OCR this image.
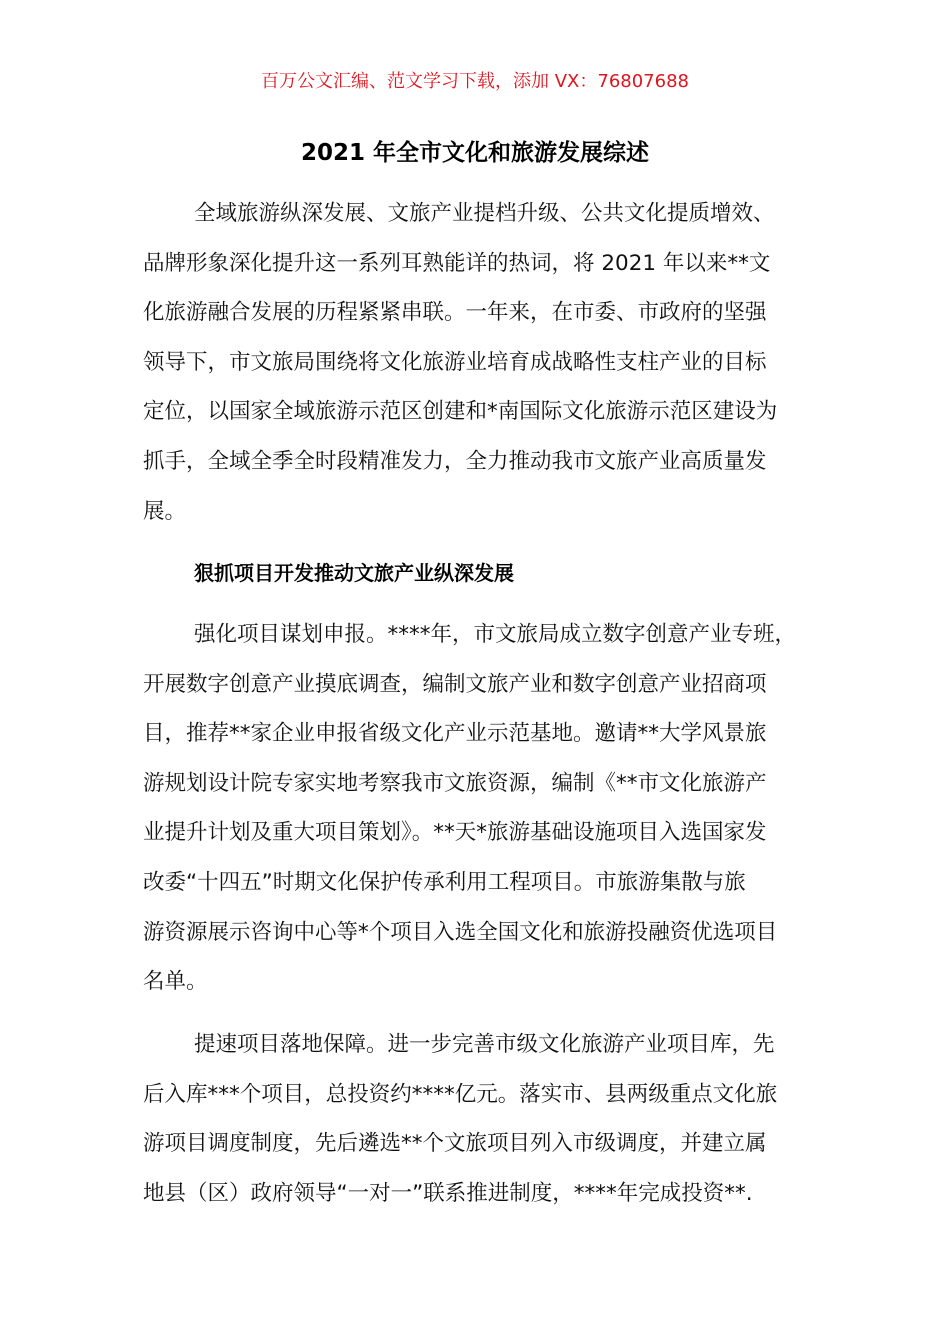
百万公文汇编、范文学习下载，添加 VX：76807688
2021 年全市文化和旅游发展综述
全域旅游纵深发展、文旅产业提档升级、公共文化提质增效、
品牌形象深化提升这一系列耳熟能详的热词，将 2021 年以来**文
化旅游融合发展的历程紧紧串联。一年来，在市委、市政府的坚强
领导下，市文旅局围绕将文化旅游业培育成战略性支柱产业的目标
定位，以国家全域旅游示范区创建和*南国际文化旅游示范区建设为
抓手，全域全季全时段精准发力，全力推动我市文旅产业高质量发
展。
狠抓项目开发推动文旅产业纵深发展
强化项目谋划申报。****年，市文旅局成立数字创意产业专班，
开展数字创意产业摸底调查，编制文旅产业和数字创意产业招商项
目，推荐**家企业申报省级文化产业示范基地。邀请**大学风景旅
游规划设计院专家实地考察我市文旅资源，编制《**市文化旅游产
业提升计划及重大项目策划》。**天*旅游基础设施项目入选国家发
改委“十四五”时期文化保护传承利用工程项目。市旅游集散与旅
游资源展示咨询中心等*个项目入选全国文化和旅游投融资优选项目
名单。
提速项目落地保障。进一步完善市级文化旅游产业项目库，先
后入库***个项目，总投资约****亿元。落实市、县两级重点文化旅
游项目调度制度，先后遴选**个文旅项目列入市级调度，并建立属
地县（区）政府领导“一对一”联系推进制度，****年完成投资**.
